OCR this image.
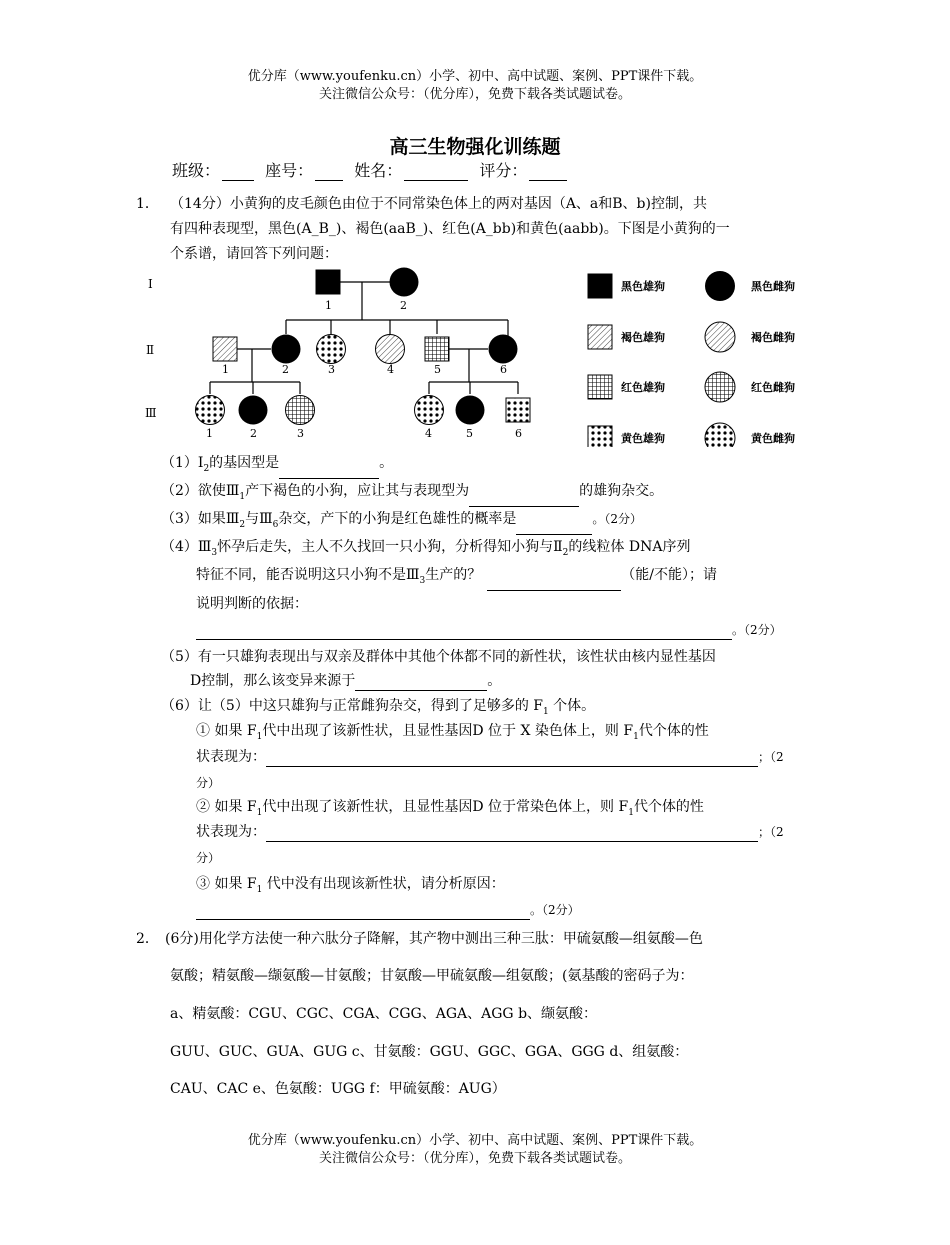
优分库（www.youfenku.cn）小学、初中、高中试题、案例、PPT课件下载。
关注微信公众号：（优分库），免费下载各类试题试卷。
高三生物强化训练题
班级：	座号：	姓名：	评分：
1． （14分）小黄狗的皮毛颜色由位于不同常染色体上的两对基因（A、a和B、b)控制，共
有四种表现型，黑色(A_B_)、褐色(aaB_)、红色(A_bb)和黄色(aabb)。下图是小黄狗的一
个系谱，请回答下列问题：
Ⅰ
Ⅱ
Ⅲ
1	2
1	2	3	4	5	6
1	2	3	4	5	6
黑色雄狗	黑色雌狗
褐色雄狗	褐色雌狗
红色雄狗	红色雌狗
黄色雄狗	黄色雌狗
$(1)Ⅰ_2$的基因型是	。
（2）欲使$Ⅲ_1$产下褐色的小狗，应让其与表现型为	的雄狗杂交。
（3）如果$Ⅲ_2$与$Ⅲ_6$杂交，产下的小狗是红色雄性的概率是	。（2分）
$(4)Ⅲ_3$怀孕后走失，主人不久找回一只小狗，分析得知小狗与$Ⅱ_2$的线粒体 DNA序列
特征不同，能否说明这只小狗不是$Ⅲ_3$生产的？	（能/不能）；请
说明判断的依据：
。（2分）
（5）有一只雄狗表现出与双亲及群体中其他个体都不同的新性状，该性状由核内显性基因
D控制，那么该变异来源于	。
（6）让（5）中这只雄狗与正常雌狗杂交，得到了足够多的 $F_1$ 个体。
① 如果 $F_1$代中出现了该新性状，且显性基因D 位于 X 染色体上，则 $F_1$代个体的性
状表现为：	；（2
分）
② 如果 $F_1$代中出现了该新性状，且显性基因D 位于常染色体上，则 $F_1$代个体的性
状表现为：	；（2
分）
③ 如果 $F_1$ 代中没有出现该新性状，请分析原因：
。（2分）
2． (6分)用化学方法使一种六肽分子降解，其产物中测出三种三肽：甲硫氨酸—组氨酸—色
氨酸；精氨酸—缬氨酸—甘氨酸；甘氨酸—甲硫氨酸—组氨酸；(氨基酸的密码子为：
a、精氨酸：CGU、CGC、CGA、CGG、AGA、AGG b、缬氨酸：
GUU、GUC、GUA、GUG c、甘氨酸：GGU、GGC、GGA、GGG d、组氨酸：
CAU、CAC e、色氨酸：UGG f：甲硫氨酸：AUG）
优分库（www.youfenku.cn）小学、初中、高中试题、案例、PPT课件下载。
关注微信公众号：（优分库），免费下载各类试题试卷。
